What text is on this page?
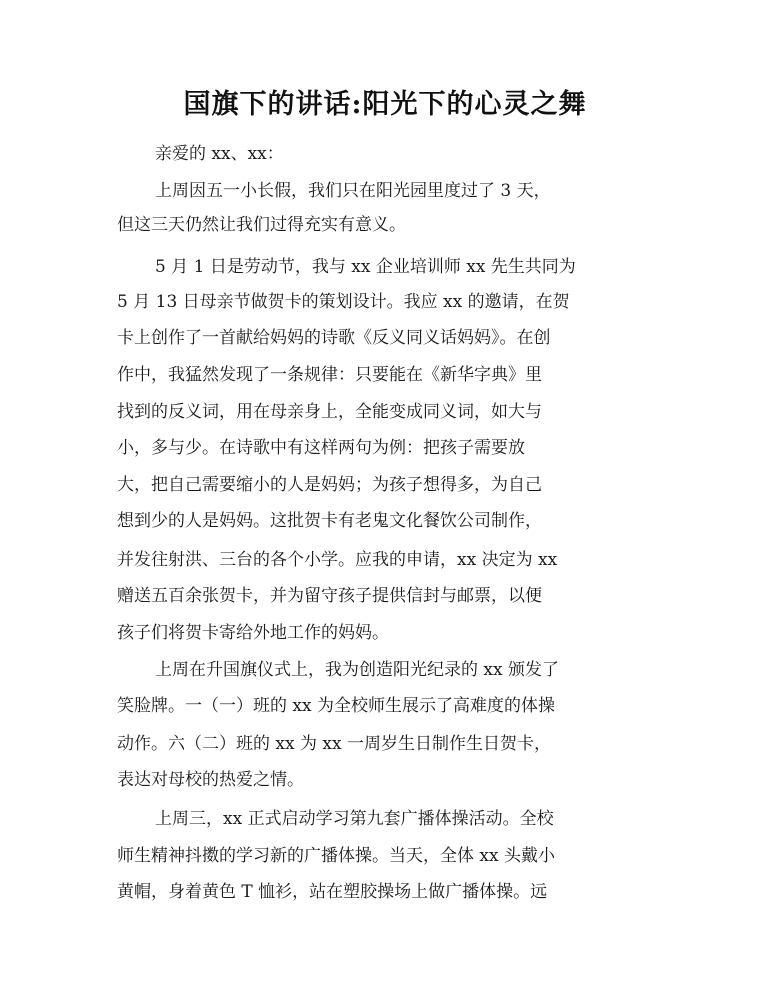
国旗下的讲话:阳光下的心灵之舞
亲爱的 xx、xx：
上周因五一小长假，我们只在阳光园里度过了 3 天，
但这三天仍然让我们过得充实有意义。
5 月 1 日是劳动节，我与 xx 企业培训师 xx 先生共同为
5 月 13 日母亲节做贺卡的策划设计。我应 xx 的邀请，在贺
卡上创作了一首献给妈妈的诗歌《反义同义话妈妈》。在创
作中，我猛然发现了一条规律：只要能在《新华字典》里
找到的反义词，用在母亲身上，全能变成同义词，如大与
小，多与少。在诗歌中有这样两句为例：把孩子需要放
大，把自己需要缩小的人是妈妈；为孩子想得多，为自己
想到少的人是妈妈。这批贺卡有老鬼文化餐饮公司制作，
并发往射洪、三台的各个小学。应我的申请，xx 决定为 xx
赠送五百余张贺卡，并为留守孩子提供信封与邮票，以便
孩子们将贺卡寄给外地工作的妈妈。
上周在升国旗仪式上，我为创造阳光纪录的 xx 颁发了
笑脸牌。一（一）班的 xx 为全校师生展示了高难度的体操
动作。六（二）班的 xx 为 xx 一周岁生日制作生日贺卡，
表达对母校的热爱之情。
上周三，xx 正式启动学习第九套广播体操活动。全校
师生精神抖擞的学习新的广播体操。当天，全体 xx 头戴小
黄帽，身着黄色 T 恤衫，站在塑胶操场上做广播体操。远
